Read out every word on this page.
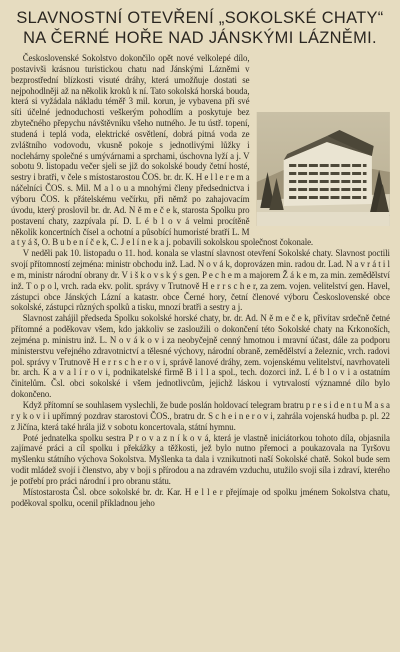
SLAVNOSTNÍ OTEVŘENÍ „SOKOLSKÉ CHATY“
NA ČERNÉ HOŘE NAD JÁNSKÝMI LÁZNĚMI.

Československé Sokolstvo dokončilo opět nové velkolepé dílo, postavivši krásnou turistickou chatu nad Jánskými Lázněmi v bezprostřední blízkosti visuté dráhy, která umožňuje dostati se nejpohodlněji až na několik kroků k ní. Tato sokolská horská bouda, která si vyžádala nákladu téměř 3 mil. korun, je vybavena při své síti účelné jednoduchosti veškerým pohodlím a poskytuje bez zbytečného přepychu návštěvníku všeho nutného. Je tu ústř. topení, studená i teplá voda, elektrické osvětlení, dobrá pitná voda ze zvláštního vodovodu, vkusně pokoje s jednotlivými lůžky i noclehárny společné s umývárnami a sprchami, úschovna lyží a j. V sobotu 9. listopadu večer sjeli se již do sokolské boudy četní hosté, sestry i bratři, v čele s místostarostou ČOS. br. dr. K. H e l l e r e m a náčelníci ČOS. s. Mil. M a l o u a mnohými členy předsednictva i výboru ČOS. k přátelskému večírku, při němž po zahajovacím úvodu, který proslovil br. dr. Ad. N ě m e č e k, starosta Spolku pro postavení chaty, zazpívala pí. D. L é b l o v á velmi procítěně několik koncertních čísel a ochotní a působící humoristé bratří L. M a t y á š, O. B u b e n í č e k, C. J e l í n e k a j. pobavili sokolskou společnost čokonale.

V neděli pak 10. listopadu o 11. hod. konala se vlastní slavnost otevření Sokolské chaty. Slavnost poctili svojí přítomností zejména: ministr obchodu inž. Lad. N o v á k, doprovázen min. radou dr. Lad. N a v r á t i l e m, ministr národní obrany dr. V i š k o v s k ý s gen. P e c h e m a majorem Ž á k e m, za min. zemědělství inž. T o p o l, vrch. rada ekv. polit. správy v Trutnově H e r r s c h e r, za zem. vojen. velitelství gen. Havel, zástupci obce Jánských Lázní a katastr. obce Černé hory, četní členové výboru Československé obce sokolské, zástupci různých spolků a tisku, mnozí bratři a sestry a j.

Slavnost zahájil předseda Spolku sokolské horské chaty, br. dr. Ad. N ě m e č e k, přivítav srdečně četné přítomné a poděkovav všem, kdo jakkoliv se zasloužili o dokončení této Sokolské chaty na Krkonoších, zejména p. ministru inž. L. N o v á k o v i za neobyčejně cenný hmotnou i mravní účast, dále za podporu ministerstvu veřejného zdravotnictví a tělesné výchovy, národní obraně, zemědělství a železnic, vrch. radovi pol. správy v Trutnově H e r r s c h e r o v i, správě lanové dráhy, zem. vojenskému velitelství, navrhovateli br. arch. K a v a l í r o v i, podnikatelské firmě B i l l a spol., tech. dozorci inž. L é b l o v i a ostatním činitelům. Čsl. obci sokolské i všem jednotlivcům, jejichž láskou i vytrvalostí významné dílo bylo dokončeno.

Když přítomní se souhlasem vyslechli, že bude poslán holdovací telegram bratru p r e s i d e n t u M a s a r y k o v i i upřímný pozdrav starostovi ČOS., bratru dr. S c h e i n e r o v i, zahrála vojenská hudba p. pl. 22 z Jičína, která také hrála již v sobotu koncertovala, státní hymnu.

Poté jednatelka spolku sestra P r o v a z n í k o v á, která je vlastně iniciátorkou tohoto díla, objasnila zajímavé práci a cíl spolku i překážky a těžkosti, jež bylo nutno přemoci a poukazovala na Tyršovu myšlenku státního výchova Sokolstva. Myšlenka ta dala i vznikutnoti naší Sokolské chatě. Sokol bude sem vodit mládež svojí i členstvo, aby v boji s přírodou a na zdravém vzduchu, utužilo svoji síla i zdraví, kterého je potřebí pro práci národní i pro obranu státu.

Místostarosta Čsl. obce sokolské br. dr. Kar. H e l l e r přejímaje od spolku jménem Sokolstva chatu, poděkoval spolku, ocenil příkladnou jeho
